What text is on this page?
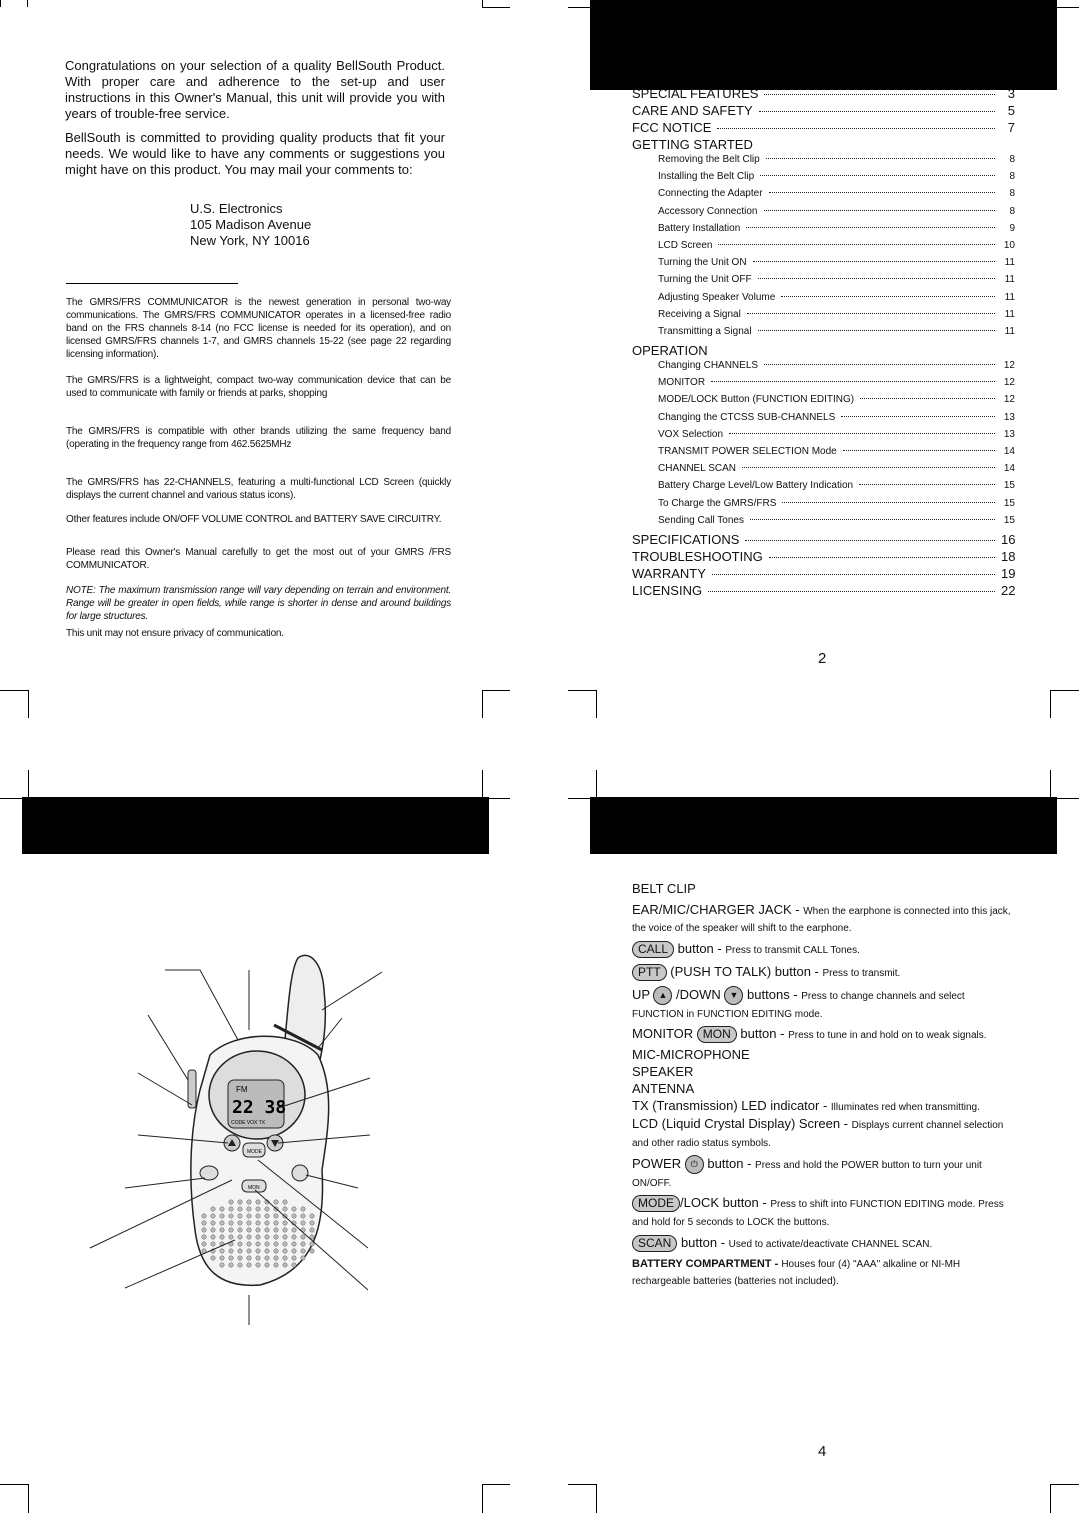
Congratulations on your selection of a quality BellSouth Product. With proper care and adherence to the set-up and user instructions in this Owner's Manual, this unit will provide you with years of trouble-free service.

BellSouth is committed to providing quality products that fit your needs. We would like to have any comments or suggestions you might have on this product. You may mail your comments to:

U.S. Electronics
105 Madison Avenue
New York, NY 10016

The GMRS/FRS COMMUNICATOR is the newest generation in personal two-way communications. The GMRS/FRS COMMUNICATOR operates in a licensed-free radio band on the FRS channels 8-14 (no FCC license is needed for its operation), and on licensed GMRS/FRS channels 1-7, and GMRS channels 15-22 (see page 22 regarding licensing information).

The GMRS/FRS is a lightweight, compact two-way communication device that can be used to communicate with family or friends at parks, shopping

The GMRS/FRS is compatible with other brands utilizing the same frequency band (operating in the frequency range from 462.5625MHz

The GMRS/FRS has 22-CHANNELS, featuring a multi-functional LCD Screen (quickly displays the current channel and various status icons).

Other features include ON/OFF VOLUME CONTROL and BATTERY SAVE CIRCUITRY.

Please read this Owner's Manual carefully to get the most out of your GMRS /FRS COMMUNICATOR.

NOTE: The maximum transmission range will vary depending on terrain and environment. Range will be greater in open fields, while range is shorter in dense and around buildings for large structures.

This unit may not ensure privacy of communication.

SPECIAL FEATURES	3
CARE AND SAFETY	5
FCC NOTICE	7
GETTING STARTED
Removing the Belt Clip	8
Installing the Belt Clip	8
Connecting the Adapter	8
Accessory Connection	8
Battery Installation	9
LCD Screen	10
Turning the Unit ON	11
Turning the Unit OFF	11
Adjusting Speaker Volume	11
Receiving a Signal	11
Transmitting a Signal	11
OPERATION
Changing CHANNELS	12
MONITOR	12
MODE/LOCK Button (FUNCTION EDITING)	12
Changing the CTCSS SUB-CHANNELS	13
VOX Selection	13
TRANSMIT POWER SELECTION Mode	14
CHANNEL SCAN	14
Battery Charge Level/Low Battery Indication	15
To Charge the GMRS/FRS	15
Sending Call Tones	15
SPECIFICATIONS	16
TROUBLESHOOTING	18
WARRANTY	19
LICENSING	22
2
FM
22 38
CODE VOX TX
MODE
MON
BELT CLIP
EAR/MIC/CHARGER JACK - When the earphone is connected into this jack, the voice of the speaker will shift to the earphone.
CALL button - Press to transmit CALL Tones.
PTT (PUSH TO TALK) button - Press to transmit.
UP ▲ /DOWN ▼ buttons - Press to change channels and select FUNCTION in FUNCTION EDITING mode.
MONITOR MON button - Press to tune in and hold on to weak signals.
MIC-MICROPHONE
SPEAKER
ANTENNA
TX (Transmission) LED indicator - Illuminates red when transmitting.
LCD (Liquid Crystal Display) Screen - Displays current channel selection and other radio status symbols.
POWER ⏻ button - Press and hold the POWER button to turn your unit ON/OFF.
MODE /LOCK button - Press to shift into FUNCTION EDITING mode. Press and hold for 5 seconds to LOCK the buttons.
SCAN button - Used to activate/deactivate CHANNEL SCAN.
BATTERY COMPARTMENT - Houses four (4) "AAA" alkaline or NI-MH rechargeable batteries (batteries not included).
4
